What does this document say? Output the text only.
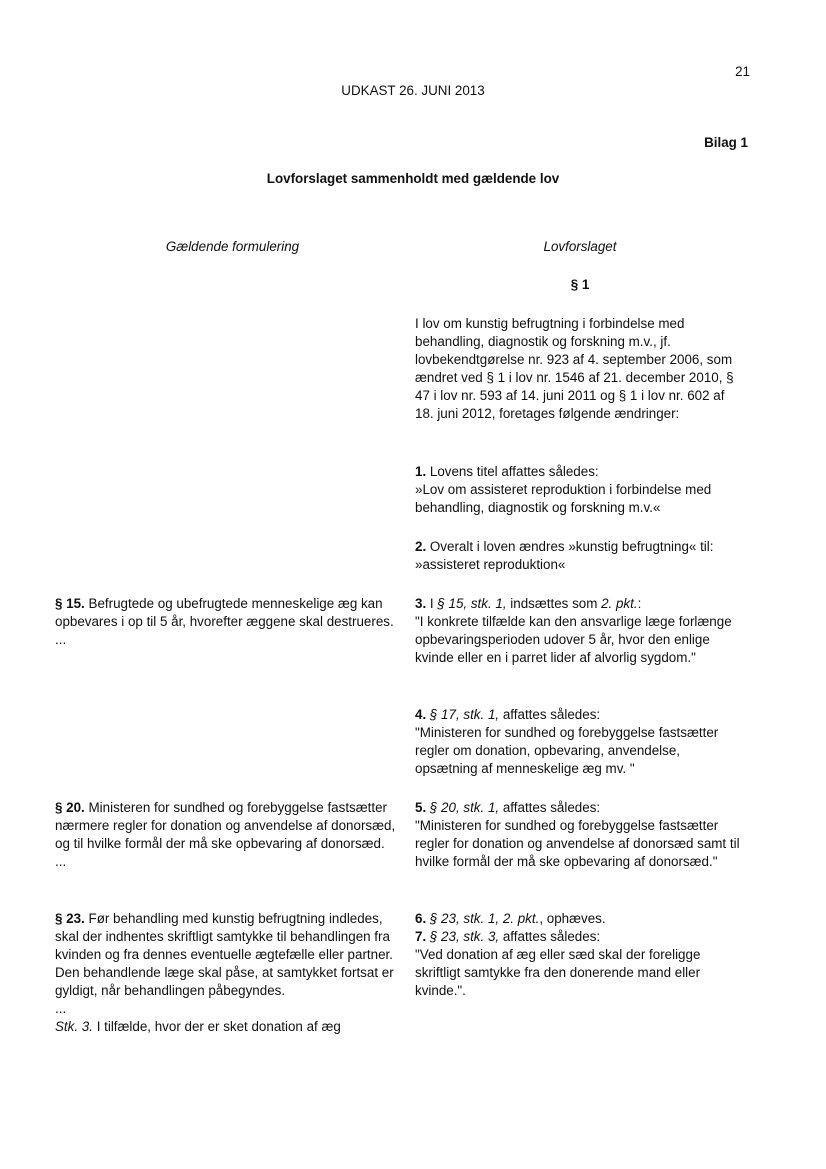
21
UDKAST 26. JUNI 2013
Bilag 1
Lovforslaget sammenholdt med gældende lov
Gældende formulering	Lovforslaget
§ 1

I lov om kunstig befrugtning i forbindelse med behandling, diagnostik og forskning m.v., jf. lovbekendtgørelse nr. 923 af 4. september 2006, som ændret ved § 1 i lov nr. 1546 af 21. december 2010, § 47 i lov nr. 593 af 14. juni 2011 og § 1 i lov nr. 602 af 18. juni 2012, foretages følgende ændringer:

1. Lovens titel affattes således:

»Lov om assisteret reproduktion i forbindelse med behandling, diagnostik og forskning m.v.«

2. Overalt i loven ændres »kunstig befrugtning« til: »assisteret reproduktion«

3. I § 15, stk. 1, indsættes som 2. pkt.:

"I konkrete tilfælde kan den ansvarlige læge forlænge opbevaringsperioden udover 5 år, hvor den enlige kvinde eller en i parret lider af alvorlig sygdom."

4. § 17, stk. 1, affattes således:

"Ministeren for sundhed og forebyggelse fastsætter regler om donation, opbevaring, anvendelse, opsætning af menneskelige æg mv. "

5. § 20, stk. 1, affattes således:

"Ministeren for sundhed og forebyggelse fastsætter regler for donation og anvendelse af donorsæd samt til hvilke formål der må ske opbevaring af donorsæd."

6. § 23, stk. 1, 2. pkt., ophæves.

7. § 23, stk. 3, affattes således:

"Ved donation af æg eller sæd skal der foreligge skriftligt samtykke fra den donerende mand eller kvinde.".

§ 15. Befrugtede og ubefrugtede menneskelige æg kan opbevares i op til 5 år, hvorefter æggene skal destrueres.

...

§ 20. Ministeren for sundhed og forebyggelse fastsætter nærmere regler for donation og anvendelse af donorsæd, og til hvilke formål der må ske opbevaring af donorsæd.

...

§ 23. Før behandling med kunstig befrugtning indledes, skal der indhentes skriftligt samtykke til behandlingen fra kvinden og fra dennes eventuelle ægtefælle eller partner. Den behandlende læge skal påse, at samtykket fortsat er gyldigt, når behandlingen påbegyndes.

...

Stk. 3. I tilfælde, hvor der er sket donation af æg
